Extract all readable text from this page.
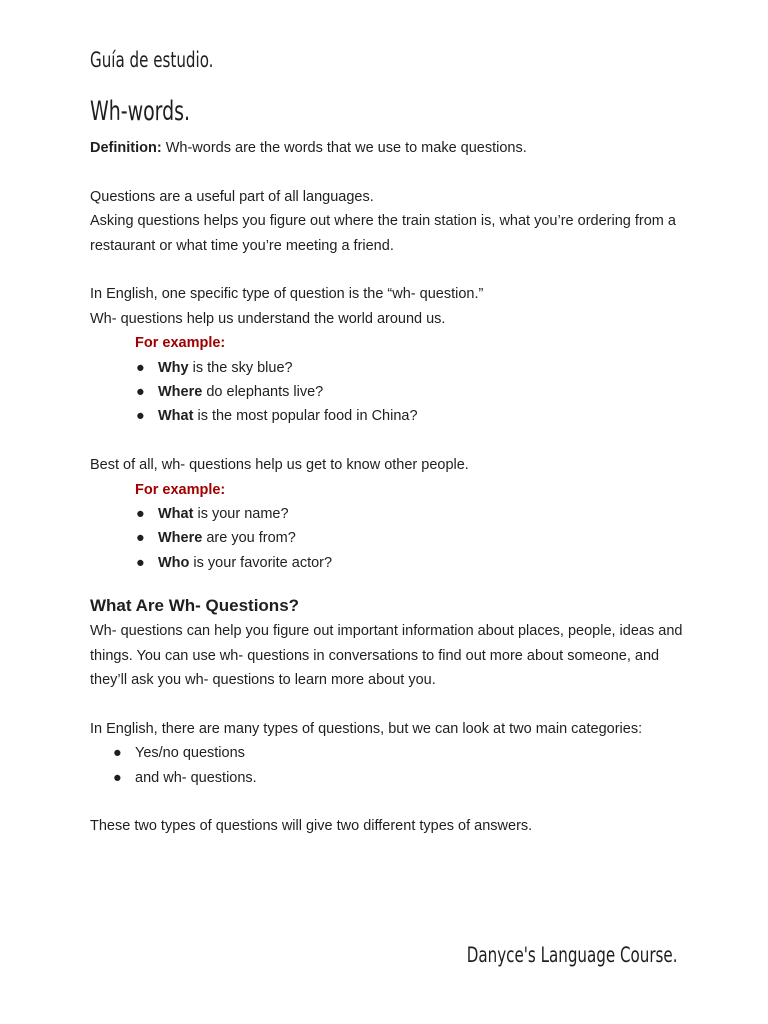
Guía de estudio.
Wh-words.

Definition: Wh-words are the words that we use to make questions.

Questions are a useful part of all languages.

Asking questions helps you figure out where the train station is, what you’re ordering from a restaurant or what time you’re meeting a friend.

In English, one specific type of question is the “wh- question.”

Wh- questions help us understand the world around us.

For example:

● Why is the sky blue?
● Where do elephants live?
● What is the most popular food in China?

Best of all, wh- questions help us get to know other people.

For example:

● What is your name?
● Where are you from?
● Who is your favorite actor?

What Are Wh- Questions?

Wh- questions can help you figure out important information about places, people, ideas and things. You can use wh- questions in conversations to find out more about someone, and they’ll ask you wh- questions to learn more about you.

In English, there are many types of questions, but we can look at two main categories:

● Yes/no questions
● and wh- questions.

These two types of questions will give two different types of answers.

Danyce's Language Course.
